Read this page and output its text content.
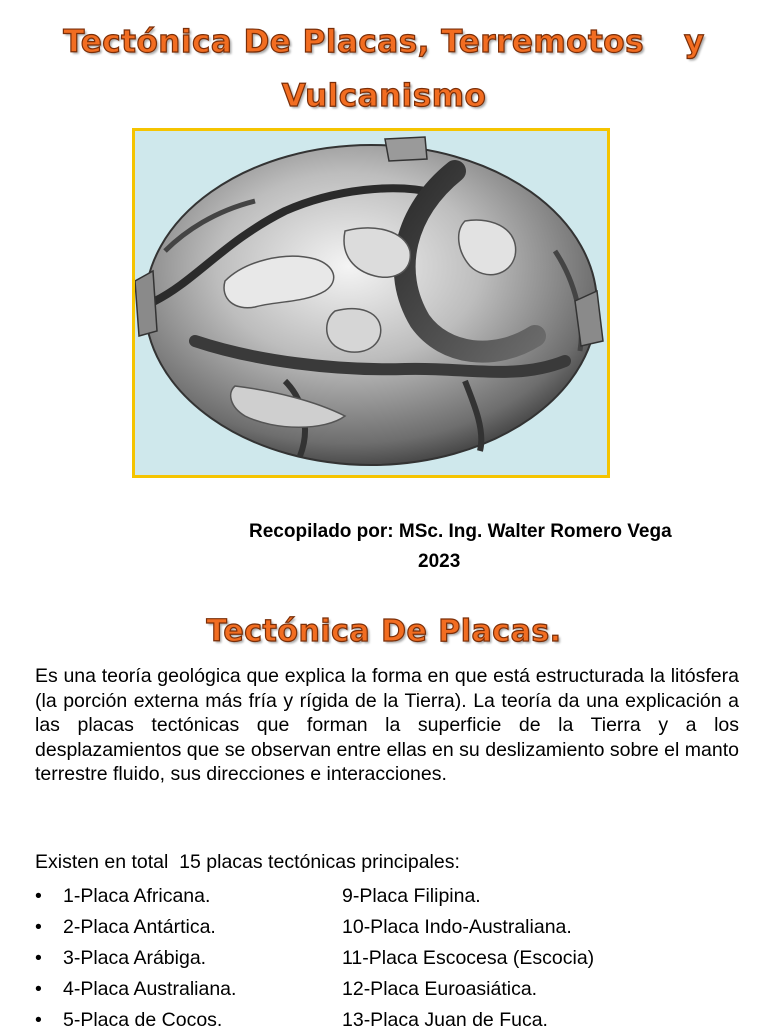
Tectónica De Placas, Terremotos y
Vulcanismo
Recopilado por: MSc. Ing. Walter Romero Vega
2023
Tectónica De Placas.
Es una teoría geológica que explica la forma en que está estructurada la litósfera (la porción externa más fría y rígida de la Tierra). La teoría da una explicación a las placas tectónicas que forman la superficie de la Tierra y a los desplazamientos que se observan entre ellas en su deslizamiento sobre el manto terrestre fluido, sus direcciones e interacciones.
Existen en total  15 placas tectónicas principales:
• 1-Placa Africana.	9-Placa Filipina.
• 2-Placa Antártica.	10-Placa Indo-Australiana.
• 3-Placa Arábiga.	11-Placa Escocesa (Escocia)
• 4-Placa Australiana.	12-Placa Euroasiática.
• 5-Placa de Cocos.	13-Placa Juan de Fuca.
